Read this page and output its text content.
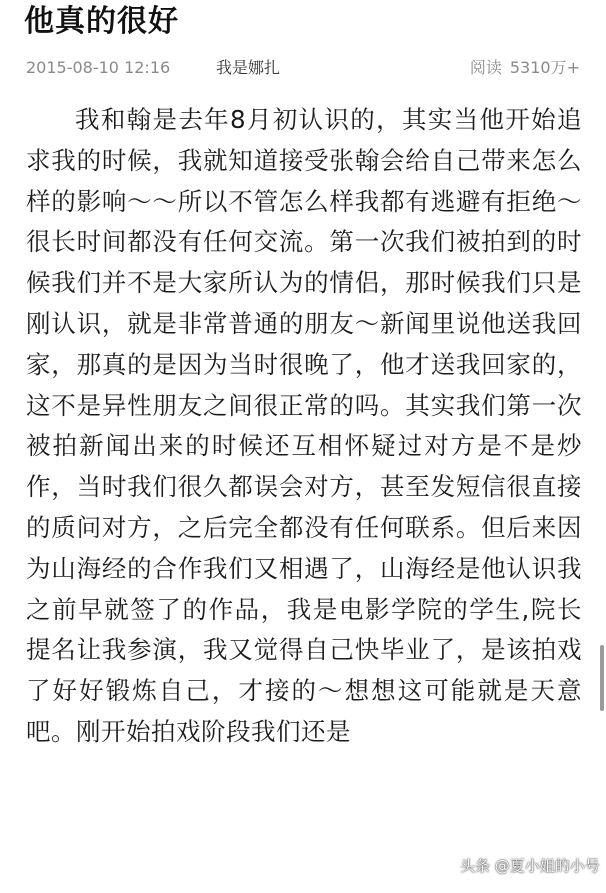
他真的很好
2015-08-10 12:16	我是娜扎	阅读 5310万+

我和翰是去年8月初认识的，其实当他开始追求我的时候，我就知道接受张翰会给自己带来怎么样的影响～～所以不管怎么样我都有逃避有拒绝～很长时间都没有任何交流。第一次我们被拍到的时候我们并不是大家所认为的情侣，那时候我们只是刚认识，就是非常普通的朋友～新闻里说他送我回家，那真的是因为当时很晚了，他才送我回家的，这不是异性朋友之间很正常的吗。其实我们第一次被拍新闻出来的时候还互相怀疑过对方是不是炒作，当时我们很久都误会对方，甚至发短信很直接的质问对方，之后完全都没有任何联系。但后来因为山海经的合作我们又相遇了，山海经是他认识我之前早就签了的作品，我是电影学院的学生,院长提名让我参演，我又觉得自己快毕业了，是该拍戏了好好锻炼自己，才接的～想想这可能就是天意吧。刚开始拍戏阶段我们还是

头条 @夏小姐的小号
